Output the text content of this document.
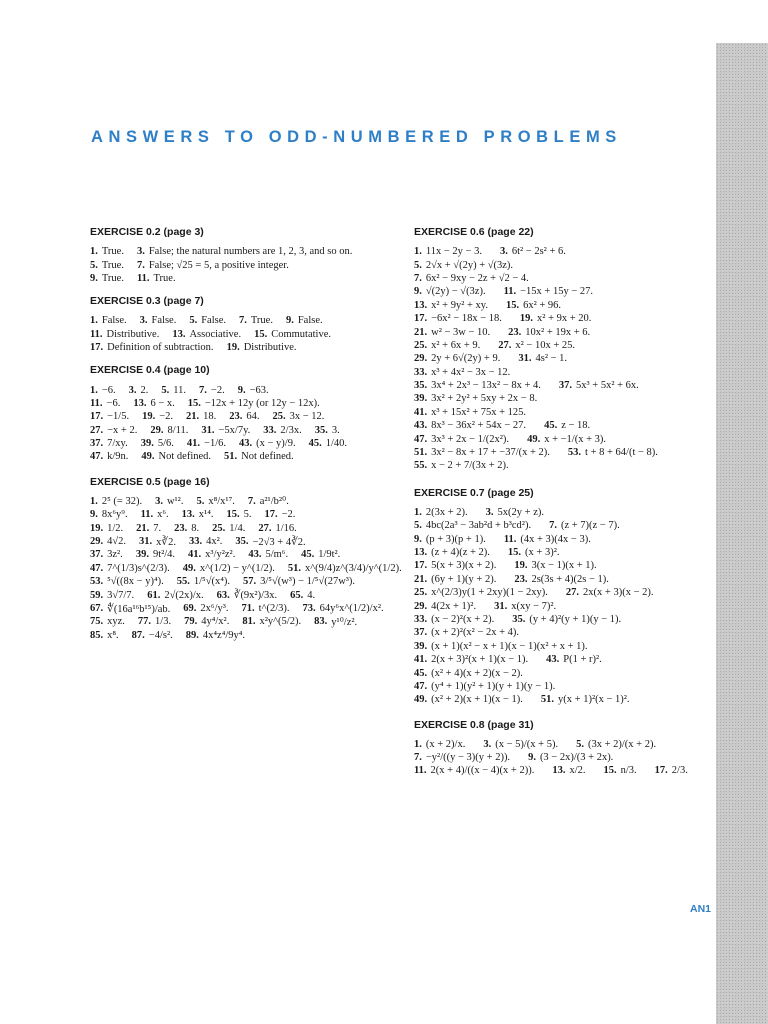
ANSWERS TO ODD-NUMBERED PROBLEMS
EXERCISE 0.2 (page 3)
1. True. 3. False; the natural numbers are 1, 2, 3, and so on.
5. True. 7. False; √25 = 5, a positive integer.
9. True. 11. True.
EXERCISE 0.3 (page 7)
1. False. 3. False. 5. False. 7. True. 9. False.
11. Distributive. 13. Associative. 15. Commutative.
17. Definition of subtraction. 19. Distributive.
EXERCISE 0.4 (page 10)
1. −6. 3. 2. 5. 11. 7. −2. 9. −63.
11. −6. 13. 6 − x. 15. −12x + 12y (or 12y − 12x).
17. −1/5. 19. −2. 21. 18. 23. 64. 25. 3x − 12.
27. −x + 2. 29. 8/11. 31. −5x/7y. 33. 2/3x. 35. 3.
37. 7/xy. 39. 5/6. 41. −1/6. 43. (x − y)/9. 45. 1/40.
47. k/9n. 49. Not defined. 51. Not defined.
EXERCISE 0.5 (page 16)
1. 2⁵ (= 32). 3. w¹². 5. x⁸/x¹⁷. 7. a²¹/b²⁰.
9. 8x⁶y⁹. 11. x⁶. 13. x¹⁴. 15. 5. 17. −2.
19. 1/2. 21. 7. 23. 8. 25. 1/4. 27. 1/16.
29. 4√2. 31. x∛2. 33. 4x². 35. −2√3 + 4∛2.
37. 3z². 39. 9t²/4. 41. x³/y²z². 43. 5/m⁶. 45. 1/9t².
47. 7^(1/3)s^(2/3). 49. x^(1/2) − y^(1/2). 51. x^(9/4)z^(3/4)/y^(1/2).
53. ⁵√((8x − y)⁴). 55. 1/⁵√(x⁴). 57. 3/⁵√(w³) − 1/⁵√(27w³).
59. 3√7/7. 61. 2√(2x)/x. 63. ∛(9x²)/3x. 65. 4.
67. ∜(16a¹⁶b¹⁵)/ab. 69. 2x⁶/y³. 71. t^(2/3). 73. 64y⁶x^(1/2)/x².
75. xyz. 77. 1/3. 79. 4y⁴/x². 81. x²y^(5/2). 83. y¹⁰/z².
85. x⁸. 87. −4/s². 89. 4x⁴z⁴/9y⁴.
EXERCISE 0.6 (page 22)
1. 11x − 2y − 3. 3. 6t² − 2s² + 6.
5. 2√x + √(2y) + √(3z).
7. 6x² − 9xy − 2z + √2 − 4.
9. √(2y) − √(3z). 11. −15x + 15y − 27.
13. x² + 9y² + xy. 15. 6x² + 96.
17. −6x² − 18x − 18. 19. x² + 9x + 20.
21. w² − 3w − 10. 23. 10x² + 19x + 6.
25. x² + 6x + 9. 27. x² − 10x + 25.
29. 2y + 6√(2y) + 9. 31. 4s² − 1.
33. x³ + 4x² − 3x − 12.
35. 3x⁴ + 2x³ − 13x² − 8x + 4. 37. 5x³ + 5x² + 6x.
39. 3x² + 2y² + 5xy + 2x − 8.
41. x³ + 15x² + 75x + 125.
43. 8x³ − 36x² + 54x − 27. 45. z − 18.
47. 3x³ + 2x − 1/(2x²). 49. x + −1/(x + 3).
51. 3x² − 8x + 17 + −37/(x + 2). 53. t + 8 + 64/(t − 8).
55. x − 2 + 7/(3x + 2).
EXERCISE 0.7 (page 25)
1. 2(3x + 2). 3. 5x(2y + z).
5. 4bc(2a³ − 3ab²d + b³cd²). 7. (z + 7)(z − 7).
9. (p + 3)(p + 1). 11. (4x + 3)(4x − 3).
13. (z + 4)(z + 2). 15. (x + 3)².
17. 5(x + 3)(x + 2). 19. 3(x − 1)(x + 1).
21. (6y + 1)(y + 2). 23. 2s(3s + 4)(2s − 1).
25. x^(2/3)y(1 + 2xy)(1 − 2xy). 27. 2x(x + 3)(x − 2).
29. 4(2x + 1)². 31. x(xy − 7)².
33. (x − 2)²(x + 2). 35. (y + 4)²(y + 1)(y − 1).
37. (x + 2)²(x² − 2x + 4).
39. (x + 1)(x² − x + 1)(x − 1)(x² + x + 1).
41. 2(x + 3)²(x + 1)(x − 1). 43. P(1 + r)².
45. (x² + 4)(x + 2)(x − 2).
47. (y⁴ + 1)(y² + 1)(y + 1)(y − 1).
49. (x² + 2)(x + 1)(x − 1). 51. y(x + 1)²(x − 1)².
EXERCISE 0.8 (page 31)
1. (x + 2)/x. 3. (x − 5)/(x + 5). 5. (3x + 2)/(x + 2).
7. −y²/((y − 3)(y + 2)). 9. (3 − 2x)/(3 + 2x).
11. 2(x + 4)/((x − 4)(x + 2)). 13. x/2. 15. n/3. 17. 2/3.
AN1
